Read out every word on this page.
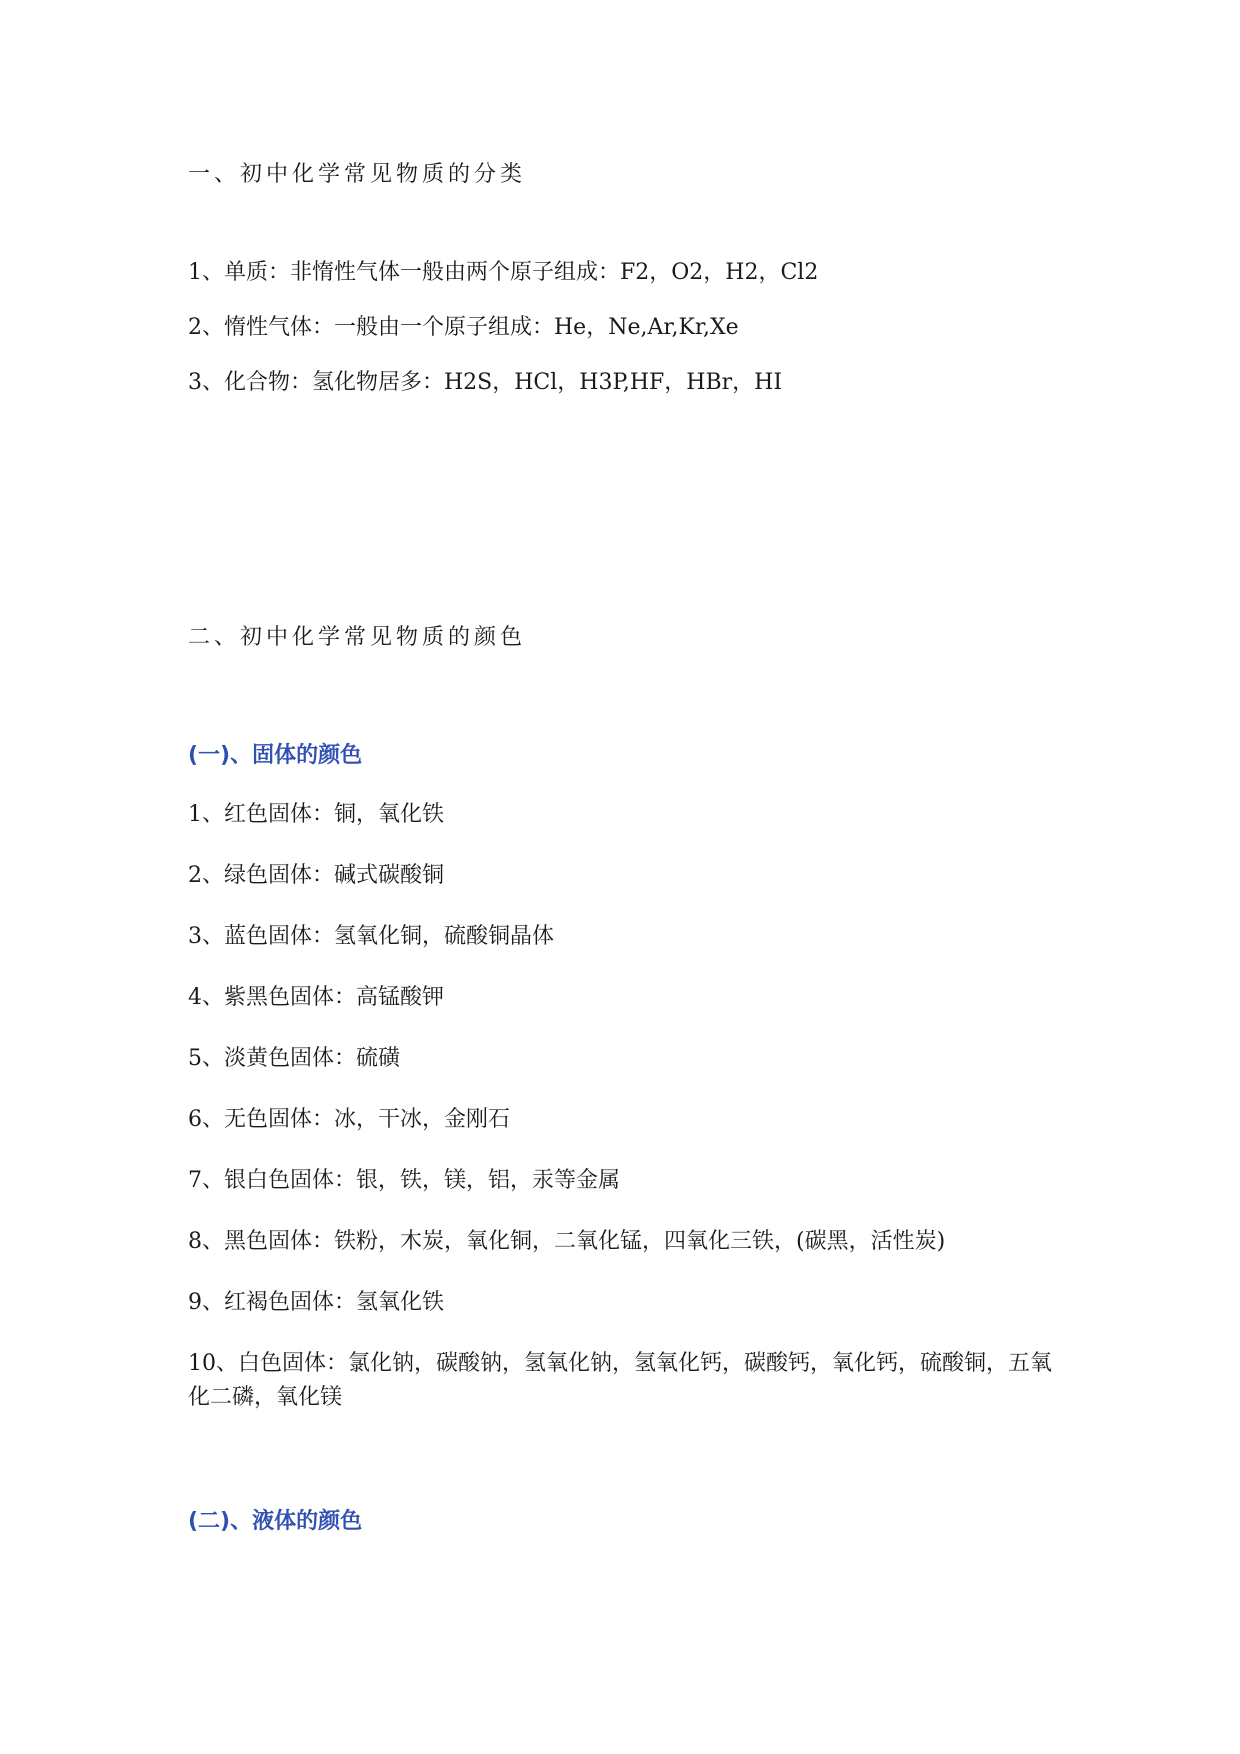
一、初中化学常见物质的分类
1、单质：非惰性气体一般由两个原子组成：F2，O2，H2，Cl2
2、惰性气体：一般由一个原子组成：He，Ne,Ar,Kr,Xe
3、化合物：氢化物居多：H2S，HCl，H3P,HF，HBr，HI
二、初中化学常见物质的颜色
(一)、固体的颜色
1、红色固体：铜，氧化铁
2、绿色固体：碱式碳酸铜
3、蓝色固体：氢氧化铜，硫酸铜晶体
4、紫黑色固体：高锰酸钾
5、淡黄色固体：硫磺
6、无色固体：冰，干冰，金刚石
7、银白色固体：银，铁，镁，铝，汞等金属
8、黑色固体：铁粉，木炭，氧化铜，二氧化锰，四氧化三铁，(碳黑，活性炭)
9、红褐色固体：氢氧化铁
10、白色固体：氯化钠，碳酸钠，氢氧化钠，氢氧化钙，碳酸钙，氧化钙，硫酸铜，五氧化二磷，氧化镁
(二)、液体的颜色
